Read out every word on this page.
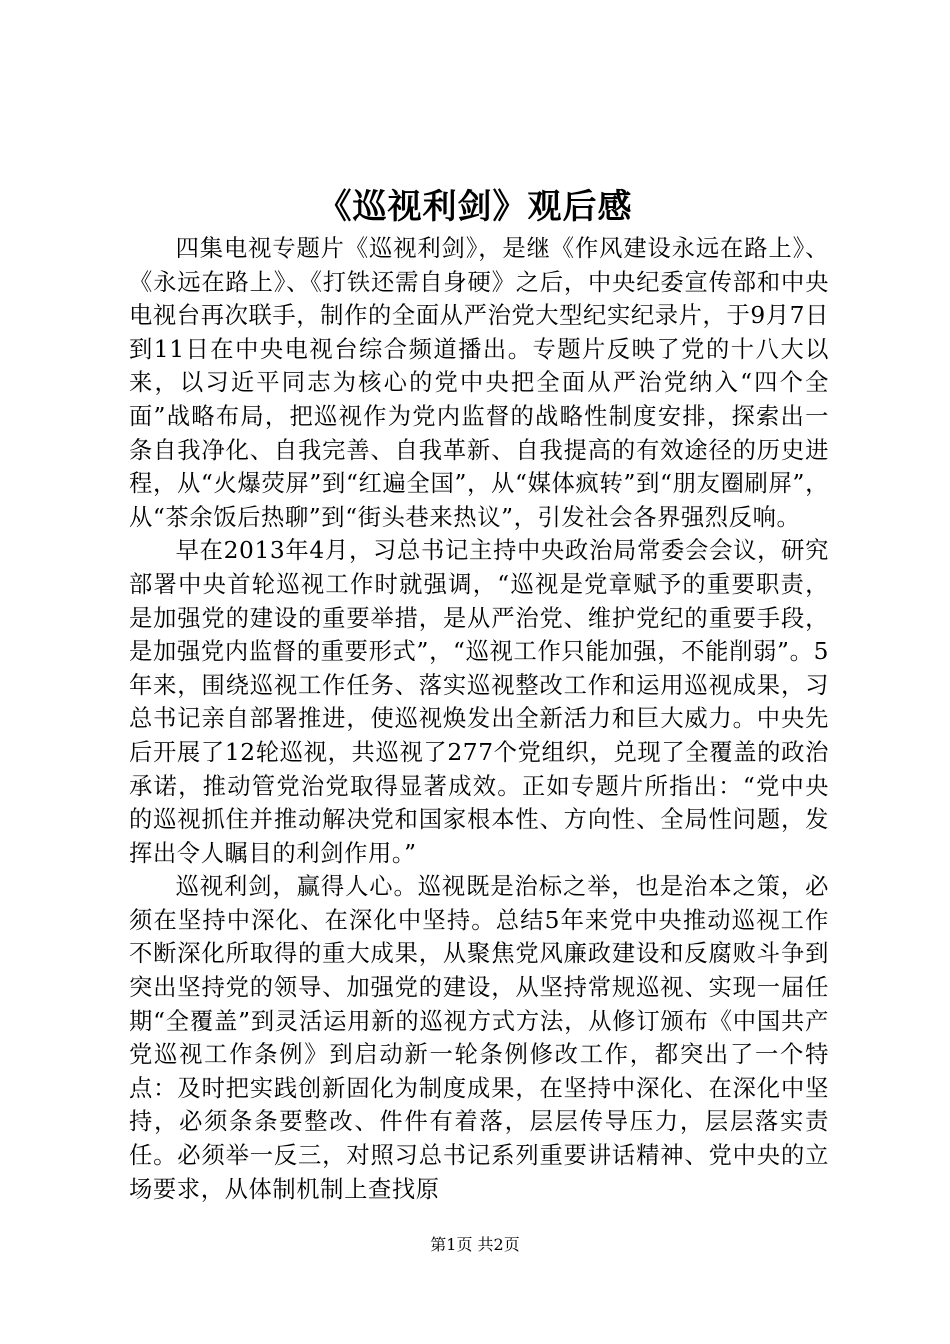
《巡视利剑》观后感

四集电视专题片《巡视利剑》，是继《作风建设永远在路上》、《永远在路上》、《打铁还需自身硬》之后，中央纪委宣传部和中央电视台再次联手，制作的全面从严治党大型纪实纪录片，于9月7日到11日在中央电视台综合频道播出。专题片反映了党的十八大以来，以习近平同志为核心的党中央把全面从严治党纳入“四个全面”战略布局，把巡视作为党内监督的战略性制度安排，探索出一条自我净化、自我完善、自我革新、自我提高的有效途径的历史进程，从“火爆荧屏”到“红遍全国”，从“媒体疯转”到“朋友圈刷屏”，从“茶余饭后热聊”到“街头巷来热议”，引发社会各界强烈反响。

早在2013年4月，习总书记主持中央政治局常委会会议，研究部署中央首轮巡视工作时就强调，“巡视是党章赋予的重要职责，是加强党的建设的重要举措，是从严治党、维护党纪的重要手段，是加强党内监督的重要形式”，“巡视工作只能加强，不能削弱”。5年来，围绕巡视工作任务、落实巡视整改工作和运用巡视成果，习总书记亲自部署推进，使巡视焕发出全新活力和巨大威力。中央先后开展了12轮巡视，共巡视了277个党组织，兑现了全覆盖的政治承诺，推动管党治党取得显著成效。正如专题片所指出：“党中央的巡视抓住并推动解决党和国家根本性、方向性、全局性问题，发挥出令人瞩目的利剑作用。”

巡视利剑，赢得人心。巡视既是治标之举，也是治本之策，必须在坚持中深化、在深化中坚持。总结5年来党中央推动巡视工作不断深化所取得的重大成果，从聚焦党风廉政建设和反腐败斗争到突出坚持党的领导、加强党的建设，从坚持常规巡视、实现一届任期“全覆盖”到灵活运用新的巡视方式方法，从修订颁布《中国共产党巡视工作条例》到启动新一轮条例修改工作，都突出了一个特点：及时把实践创新固化为制度成果，在坚持中深化、在深化中坚持，必须条条要整改、件件有着落，层层传导压力，层层落实责任。必须举一反三，对照习总书记系列重要讲话精神、党中央的立场要求，从体制机制上查找原

第1页 共2页
